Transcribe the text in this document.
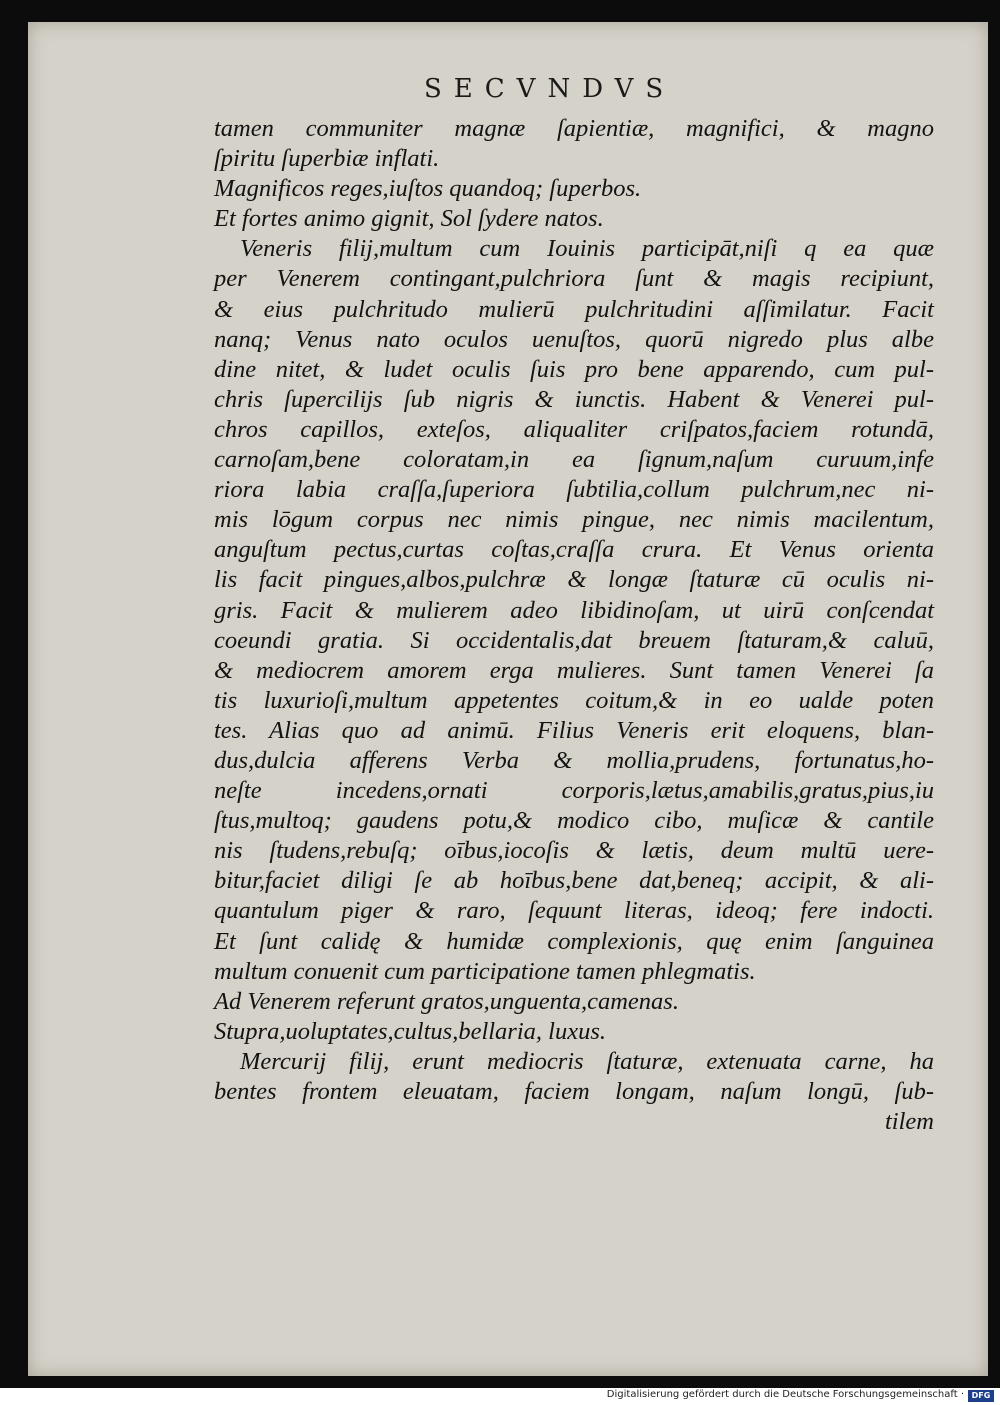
SECVNDVS
tamen communiter magnæ ſapientiæ, magnifici, & magno
ſpiritu ſuperbiæ inflati.
Magnificos reges,iuſtos quandoq; ſuperbos.
Et fortes animo gignit, Sol ſydere natos.
Veneris filij,multum cum Iouinis participāt,niſi q ea quæ
per Venerem contingant,pulchriora ſunt & magis recipiunt,
& eius pulchritudo mulierū pulchritudini aſſimilatur. Facit
nanq; Venus nato oculos uenuſtos, quorū nigredo plus albe
dine nitet, & ludet oculis ſuis pro bene apparendo, cum pul-
chris ſupercilijs ſub nigris & iunctis. Habent & Venerei pul-
chros capillos, exteſos, aliqualiter criſpatos,faciem rotundā,
carnoſam,bene coloratam,in ea ſignum,naſum curuum,infe
riora labia craſſa,ſuperiora ſubtilia,collum pulchrum,nec ni-
mis lōgum corpus nec nimis pingue, nec nimis macilentum,
anguſtum pectus,curtas coſtas,craſſa crura. Et Venus orienta
lis facit pingues,albos,pulchræ & longæ ſtaturæ cū oculis ni-
gris. Facit & mulierem adeo libidinoſam, ut uirū conſcendat
coeundi gratia. Si occidentalis,dat breuem ſtaturam,& caluū,
& mediocrem amorem erga mulieres. Sunt tamen Venerei ſa
tis luxurioſi,multum appetentes coitum,& in eo ualde poten
tes. Alias quo ad animū. Filius Veneris erit eloquens, blan-
dus,dulcia afferens Verba & mollia,prudens, fortunatus,ho-
neſte incedens,ornati corporis,lætus,amabilis,gratus,pius,iu
ſtus,multoq; gaudens potu,& modico cibo, muſicæ & cantile
nis ſtudens,rebuſq; oībus,iocoſis & lætis, deum multū uere-
bitur,faciet diligi ſe ab hoībus,bene dat,beneq; accipit, & ali-
quantulum piger & raro, ſequunt literas, ideoq; fere indocti.
Et ſunt calidę & humidæ complexionis, quę enim ſanguinea
multum conuenit cum participatione tamen phlegmatis.
Ad Venerem referunt gratos,unguenta,camenas.
Stupra,uoluptates,cultus,bellaria, luxus.
Mercurij filij, erunt mediocris ſtaturæ, extenuata carne, ha
bentes frontem eleuatam, faciem longam, naſum longū, ſub-
tilem
Digitalisierung gefördert durch die Deutsche Forschungsgemeinschaft · DFG
